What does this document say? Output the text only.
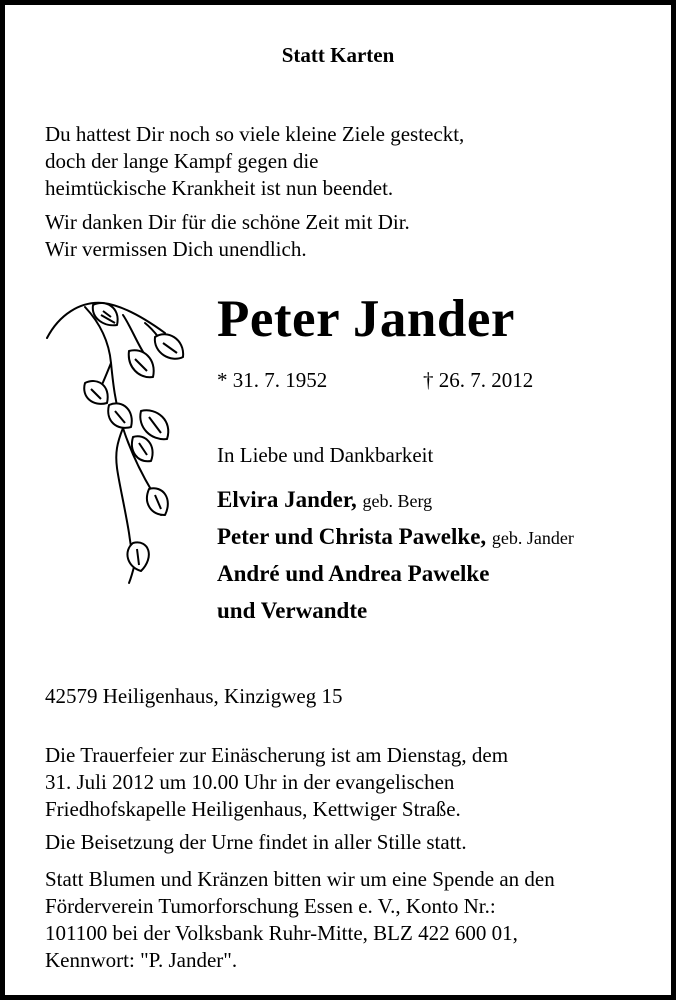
Statt Karten
Du hattest Dir noch so viele kleine Ziele gesteckt,
doch der lange Kampf gegen die
heimtückische Krankheit ist nun beendet.
Wir danken Dir für die schöne Zeit mit Dir.
Wir vermissen Dich unendlich.
Peter Jander
* 31. 7. 1952	† 26. 7. 2012
In Liebe und Dankbarkeit
Elvira Jander, geb. Berg
Peter und Christa Pawelke, geb. Jander
André und Andrea Pawelke
und Verwandte
42579 Heiligenhaus, Kinzigweg 15
Die Trauerfeier zur Einäscherung ist am Dienstag, dem
31. Juli 2012 um 10.00 Uhr in der evangelischen
Friedhofskapelle Heiligenhaus, Kettwiger Straße.
Die Beisetzung der Urne findet in aller Stille statt.
Statt Blumen und Kränzen bitten wir um eine Spende an den
Förderverein Tumorforschung Essen e. V., Konto Nr.:
101100 bei der Volksbank Ruhr-Mitte, BLZ 422 600 01,
Kennwort: "P. Jander".
